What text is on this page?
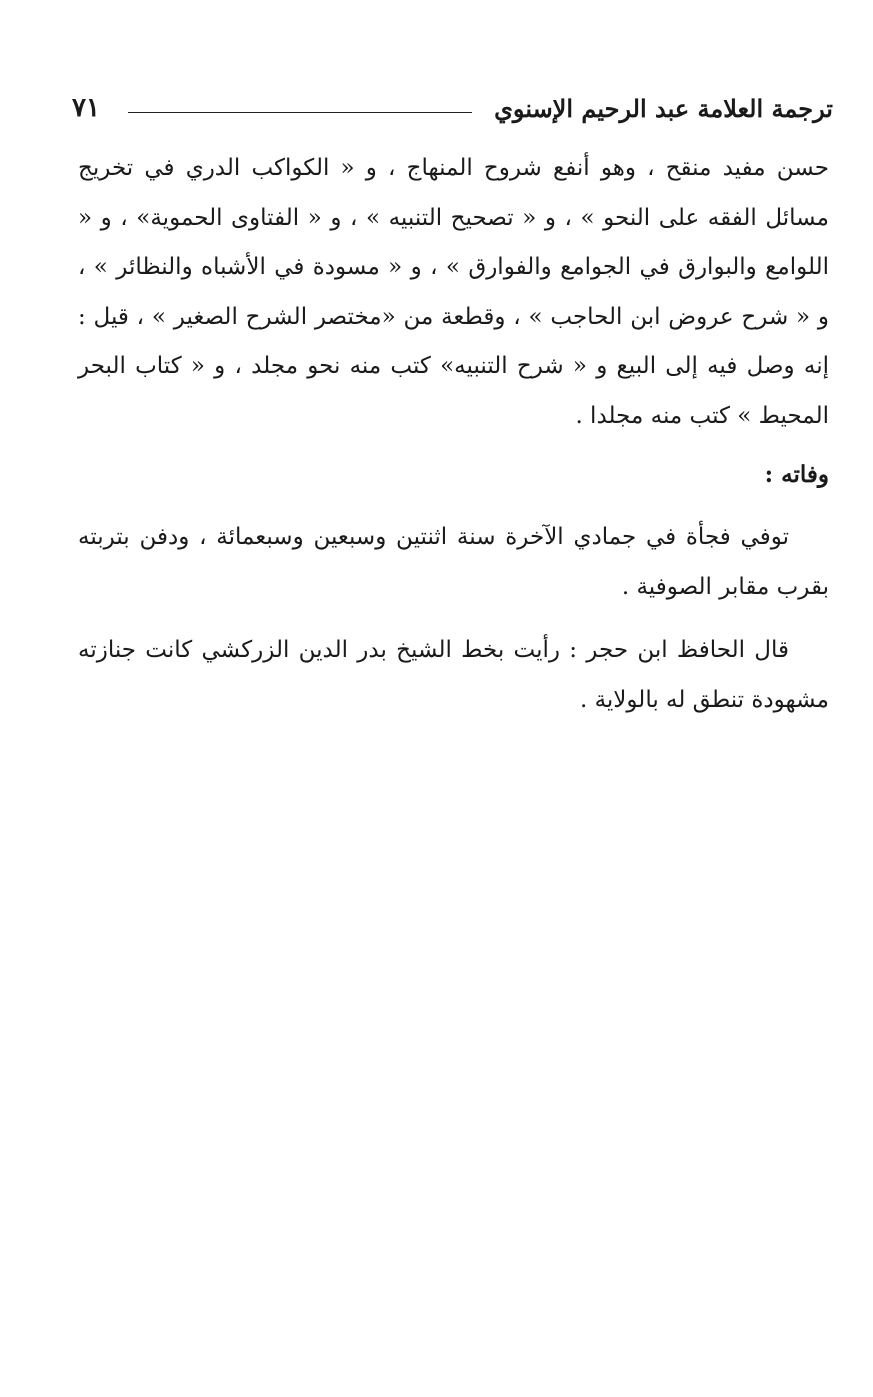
ترجمة العلامة عبد الرحيم الإسنوي
٧١

حسن مفيد منقح ، وهو أنفع شروح المنهاج ، و « الكواكب الدري في تخريج مسائل الفقه على النحو » ، و « تصحيح التنبيه » ، و « الفتاوى الحموية» ، و « اللوامع والبوارق في الجوامع والفوارق » ، و « مسودة في الأشباه والنظائر » ، و « شرح عروض ابن الحاجب » ، وقطعة من «مختصر الشرح الصغير » ، قيل : إنه وصل فيه إلى البيع و « شرح التنبيه» كتب منه نحو مجلد ، و « كتاب البحر المحيط » كتب منه مجلدا .

وفاته :

توفي فجأة في جمادي الآخرة سنة اثنتين وسبعين وسبعمائة ، ودفن بتربته بقرب مقابر الصوفية .

قال الحافظ ابن حجر : رأيت بخط الشيخ بدر الدين الزركشي كانت جنازته مشهودة تنطق له بالولاية .
